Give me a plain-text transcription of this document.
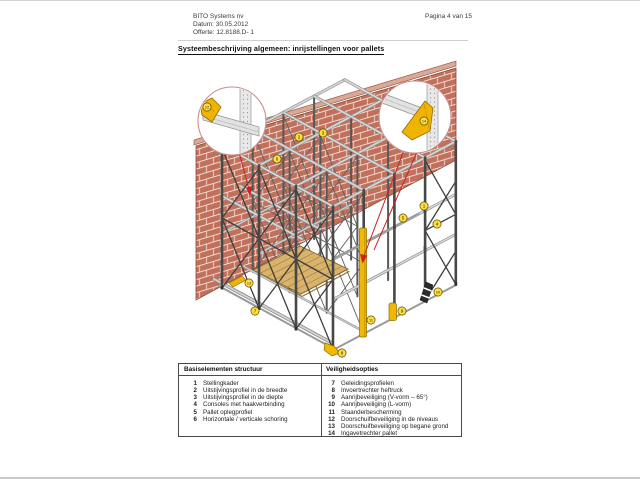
BITO Systems nv
Datum: 30.05.2012
Offerte: 12.8188.D- 1
Pagina 4 van 15
Systeembeschrijving algemeen: inrijstellingen voor pallets
1
2
3
4
5
6
7
8
9
10
11
12
13
14
Basiselementen structuur	Veiligheidsopties
1 Stellingkader
2 Uitstijvingsprofiel in de breedte
3 Uitstijvingsprofiel in de diepte
4 Consoles met haakverbinding
5 Pallet oplegprofiel
6 Horizontale / verticale schoring
7 Geleidingsprofielen
8 Invoertrechter heftruck
9 Aanrijbeveiliging (V-vorm – 65°)
10 Aanrijbeveiliging (L-vorm)
11 Staanderbescherming
12 Doorschuifbeveiliging in de niveaus
13 Doorschuifbeveiliging op begane grond
14 Ingavetrechter pallet
